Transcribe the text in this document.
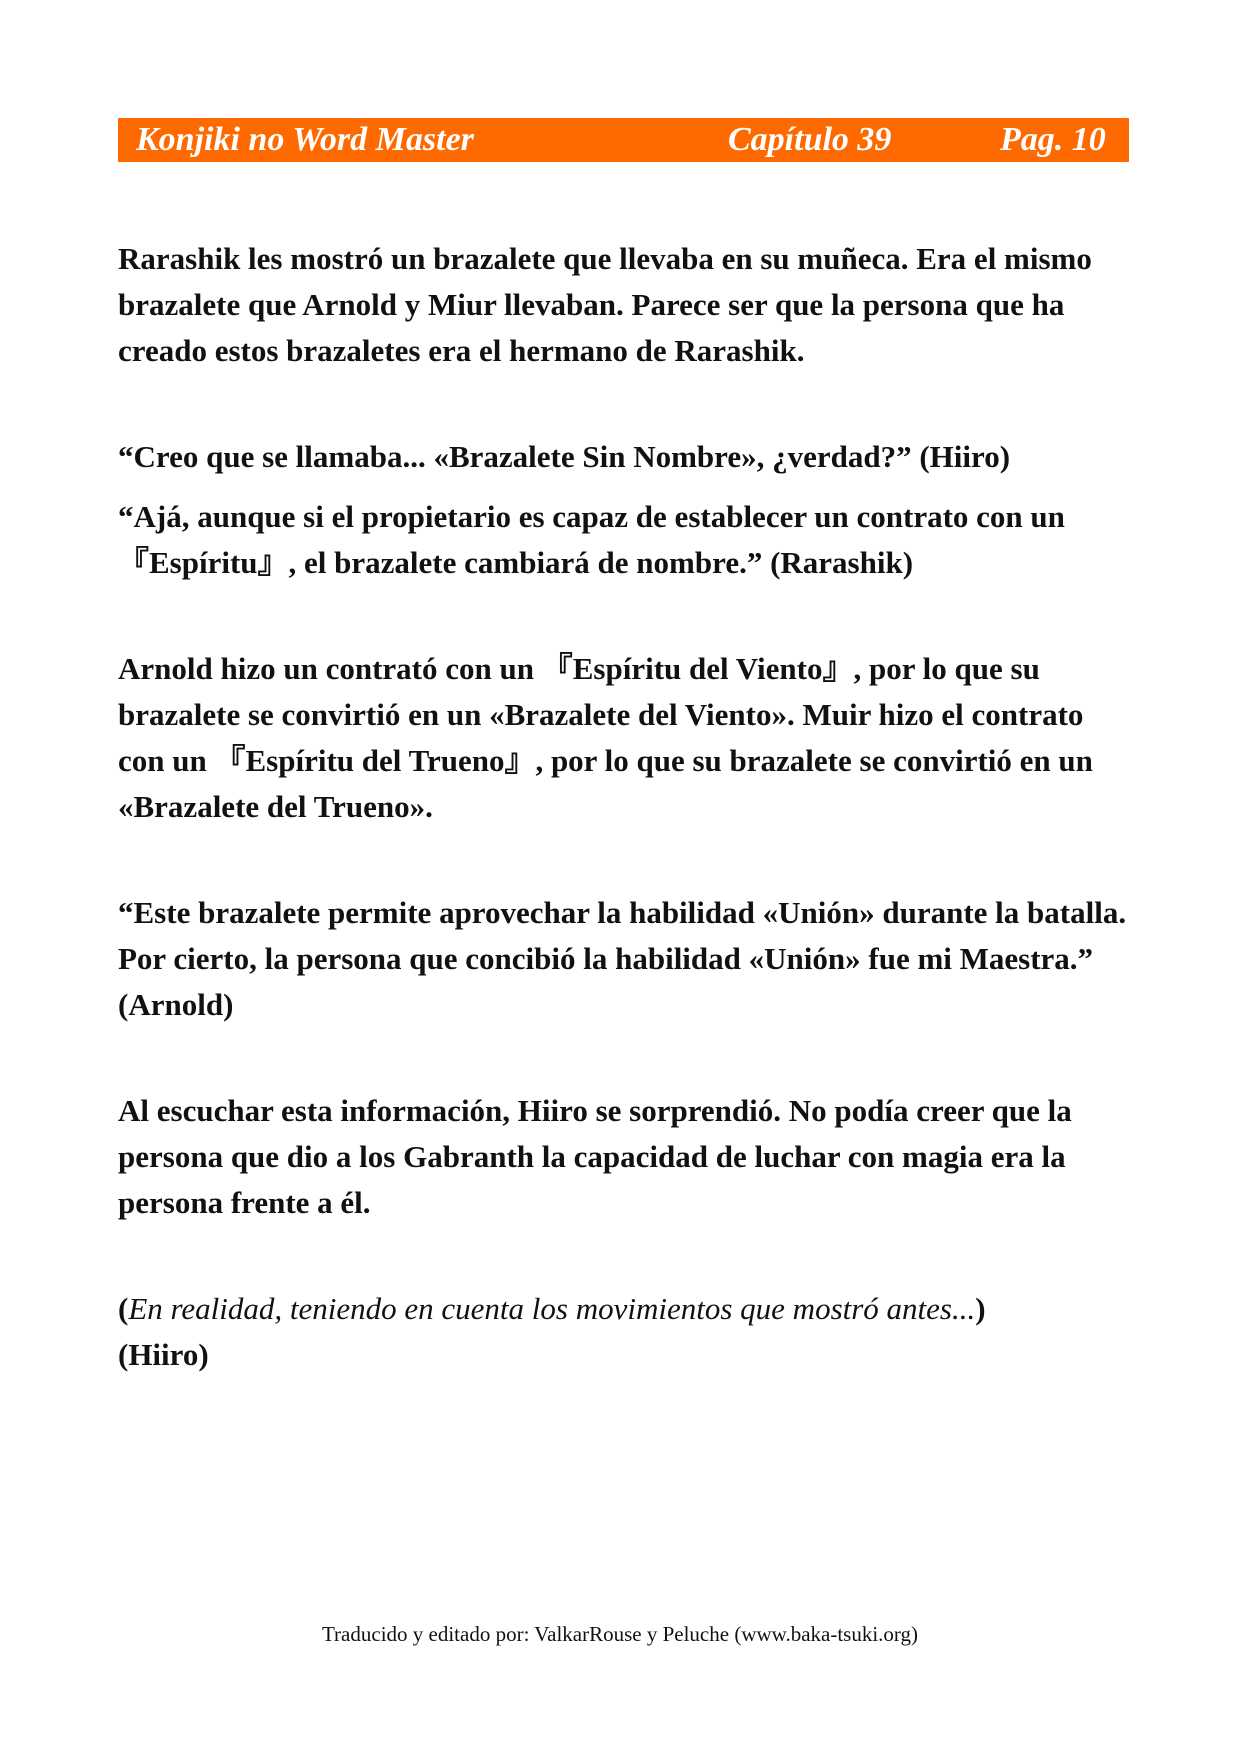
Konjiki no Word Master	Capítulo 39	Pag. 10

Rarashik les mostró un brazalete que llevaba en su muñeca. Era el mismo brazalete que Arnold y Miur llevaban. Parece ser que la persona que ha creado estos brazaletes era el hermano de Rarashik.

“Creo que se llamaba... «Brazalete Sin Nombre», ¿verdad?” (Hiiro)

“Ajá, aunque si el propietario es capaz de establecer un contrato con un 『Espíritu』, el brazalete cambiará de nombre.” (Rarashik)

Arnold hizo un contrató con un 『Espíritu del Viento』, por lo que su brazalete se convirtió en un «Brazalete del Viento». Muir hizo el contrato con un 『Espíritu del Trueno』, por lo que su brazalete se convirtió en un «Brazalete del Trueno».

“Este brazalete permite aprovechar la habilidad «Unión» durante la batalla. Por cierto, la persona que concibió la habilidad «Unión» fue mi Maestra.” (Arnold)

Al escuchar esta información, Hiiro se sorprendió. No podía creer que la persona que dio a los Gabranth la capacidad de luchar con magia era la persona frente a él.

(En realidad, teniendo en cuenta los movimientos que mostró antes...)
(Hiiro)

Traducido y editado por: ValkarRouse y Peluche (www.baka-tsuki.org)
